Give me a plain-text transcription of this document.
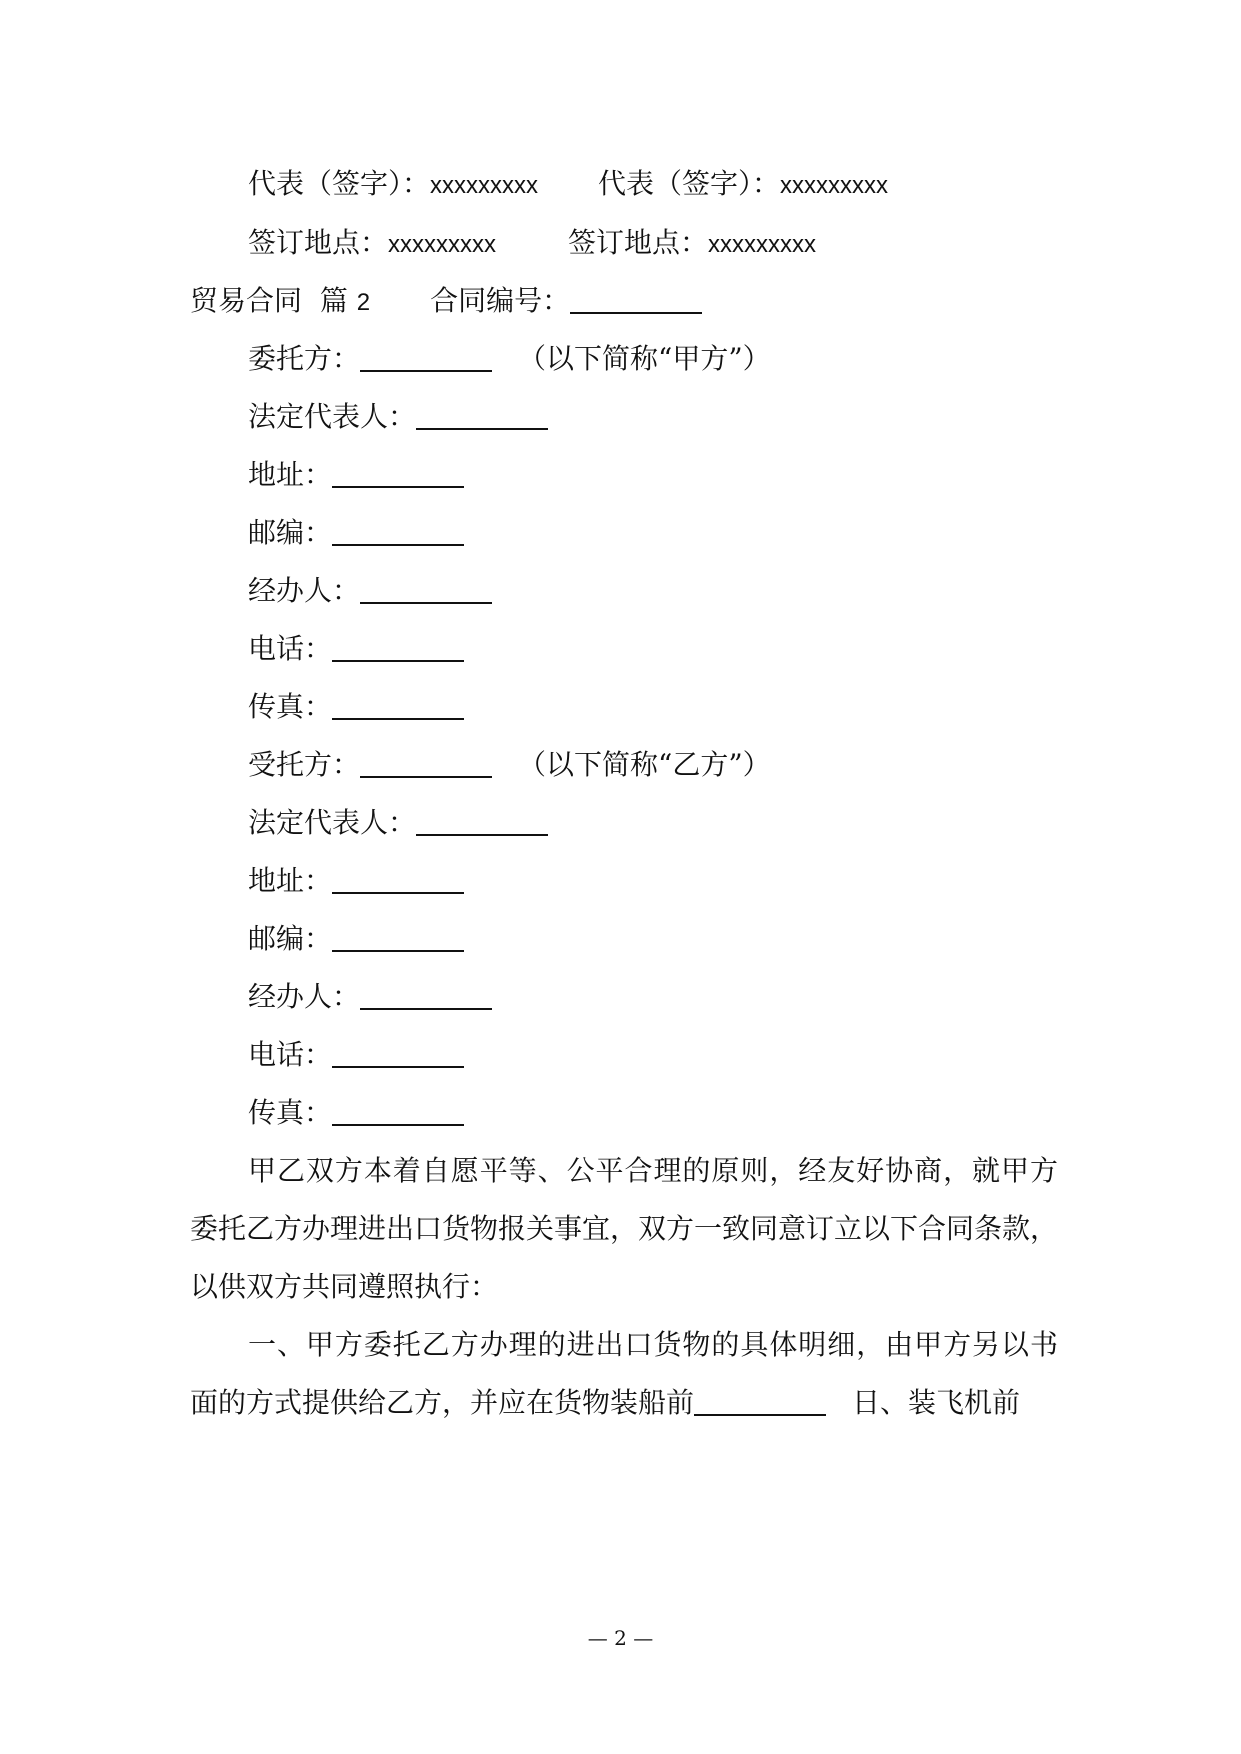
代表（签字）：xxxxxxxxx 代表（签字）：xxxxxxxxx
签订地点：xxxxxxxxx	签订地点：xxxxxxxxx
贸易合同 篇 2 合同编号：
委托方：	（以下简称“甲方”）
法定代表人：
地址：
邮编：
经办人：
电话：
传真：
受托方：	（以下简称“乙方”）
法定代表人：
地址：
邮编：
经办人：
电话：
传真：
甲乙双方本着自愿平等、公平合理的原则，经友好协商，就甲方
委托乙方办理进出口货物报关事宜，双方一致同意订立以下合同条款，
以供双方共同遵照执行：
一、甲方委托乙方办理的进出口货物的具体明细，由甲方另以书
面的方式提供给乙方，并应在货物装船前	日、装飞机前
— 2 —
